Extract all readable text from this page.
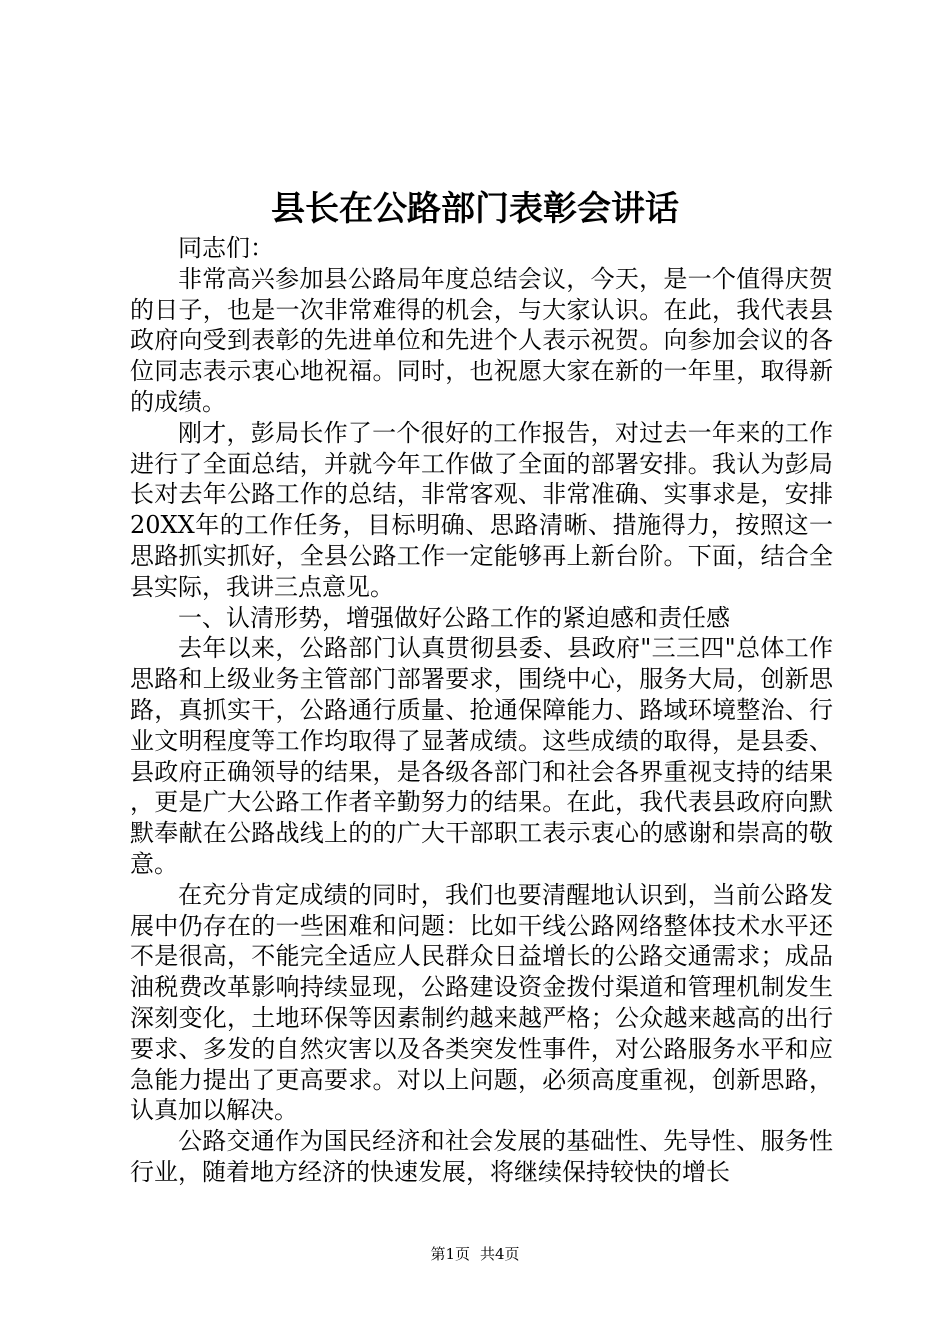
县长在公路部门表彰会讲话

同志们：

非常高兴参加县公路局年度总结会议，今天，是一个值得庆贺的日子，也是一次非常难得的机会，与大家认识。在此，我代表县政府向受到表彰的先进单位和先进个人表示祝贺。向参加会议的各位同志表示衷心地祝福。同时，也祝愿大家在新的一年里，取得新的成绩。

刚才，彭局长作了一个很好的工作报告，对过去一年来的工作进行了全面总结，并就今年工作做了全面的部署安排。我认为彭局长对去年公路工作的总结，非常客观、非常准确、实事求是，安排20XX年的工作任务，目标明确、思路清晰、措施得力，按照这一思路抓实抓好，全县公路工作一定能够再上新台阶。下面，结合全县实际，我讲三点意见。

一、认清形势，增强做好公路工作的紧迫感和责任感

去年以来，公路部门认真贯彻县委、县政府"三三四"总体工作思路和上级业务主管部门部署要求，围绕中心，服务大局，创新思路，真抓实干，公路通行质量、抢通保障能力、路域环境整治、行业文明程度等工作均取得了显著成绩。这些成绩的取得，是县委、县政府正确领导的结果，是各级各部门和社会各界重视支持的结果，更是广大公路工作者辛勤努力的结果。在此，我代表县政府向默默奉献在公路战线上的的广大干部职工表示衷心的感谢和崇高的敬意。

在充分肯定成绩的同时，我们也要清醒地认识到，当前公路发展中仍存在的一些困难和问题：比如干线公路网络整体技术水平还不是很高，不能完全适应人民群众日益增长的公路交通需求；成品油税费改革影响持续显现，公路建设资金拨付渠道和管理机制发生深刻变化，土地环保等因素制约越来越严格；公众越来越高的出行要求、多发的自然灾害以及各类突发性事件，对公路服务水平和应急能力提出了更高要求。对以上问题，必须高度重视，创新思路，认真加以解决。

公路交通作为国民经济和社会发展的基础性、先导性、服务性行业，随着地方经济的快速发展，将继续保持较快的增长

第1页 共4页
